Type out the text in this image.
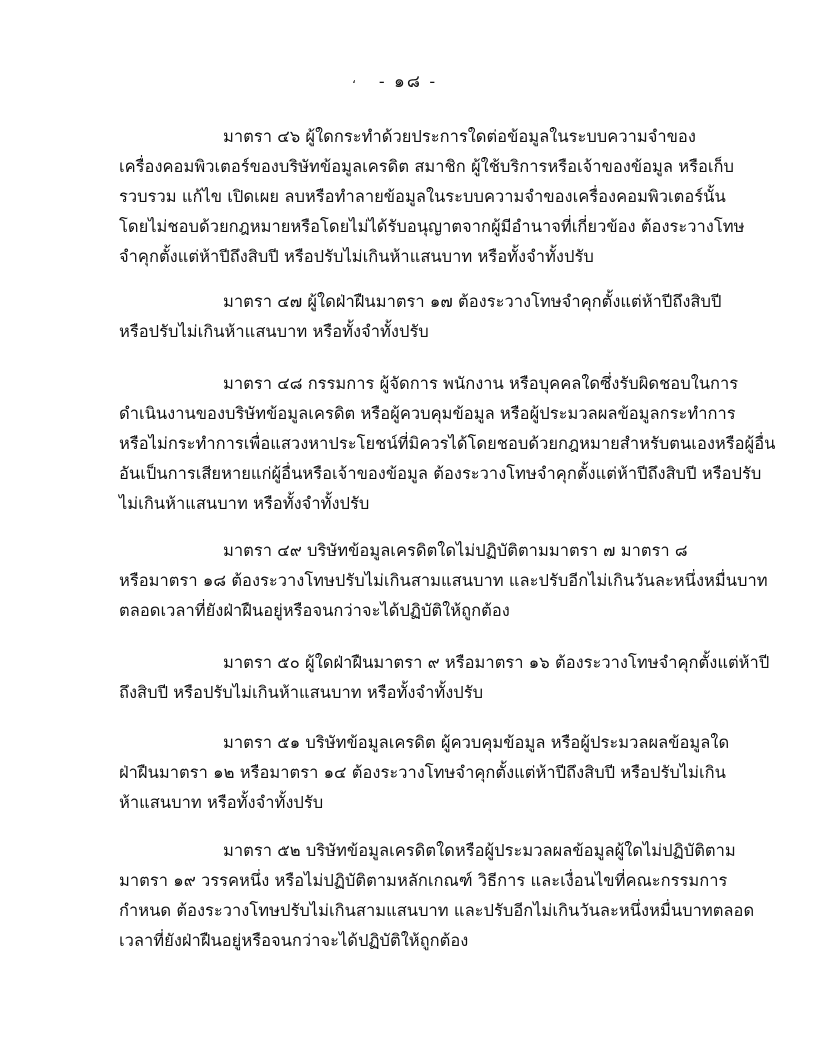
،	- ๑๘ -
มาตรา ๔๖ ผู้ใดกระทำด้วยประการใดต่อข้อมูลในระบบความจำของ
เครื่องคอมพิวเตอร์ของบริษัทข้อมูลเครดิต สมาชิก ผู้ใช้บริการหรือเจ้าของข้อมูล หรือเก็บ
รวบรวม แก้ไข เปิดเผย ลบหรือทำลายข้อมูลในระบบความจำของเครื่องคอมพิวเตอร์นั้น
โดยไม่ชอบด้วยกฎหมายหรือโดยไม่ได้รับอนุญาตจากผู้มีอำนาจที่เกี่ยวข้อง ต้องระวางโทษ
จำคุกตั้งแต่ห้าปีถึงสิบปี หรือปรับไม่เกินห้าแสนบาท หรือทั้งจำทั้งปรับ
มาตรา ๔๗ ผู้ใดฝ่าฝืนมาตรา ๑๗ ต้องระวางโทษจำคุกตั้งแต่ห้าปีถึงสิบปี
หรือปรับไม่เกินห้าแสนบาท หรือทั้งจำทั้งปรับ
มาตรา ๔๘ กรรมการ ผู้จัดการ พนักงาน หรือบุคคลใดซึ่งรับผิดชอบในการ
ดำเนินงานของบริษัทข้อมูลเครดิต หรือผู้ควบคุมข้อมูล หรือผู้ประมวลผลข้อมูลกระทำการ
หรือไม่กระทำการเพื่อแสวงหาประโยชน์ที่มิควรได้โดยชอบด้วยกฎหมายสำหรับตนเองหรือผู้อื่น
อันเป็นการเสียหายแก่ผู้อื่นหรือเจ้าของข้อมูล ต้องระวางโทษจำคุกตั้งแต่ห้าปีถึงสิบปี หรือปรับ
ไม่เกินห้าแสนบาท หรือทั้งจำทั้งปรับ
มาตรา ๔๙ บริษัทข้อมูลเครดิตใดไม่ปฏิบัติตามมาตรา ๗ มาตรา ๘
หรือมาตรา ๑๘ ต้องระวางโทษปรับไม่เกินสามแสนบาท และปรับอีกไม่เกินวันละหนึ่งหมื่นบาท
ตลอดเวลาที่ยังฝ่าฝืนอยู่หรือจนกว่าจะได้ปฏิบัติให้ถูกต้อง
มาตรา ๕๐ ผู้ใดฝ่าฝืนมาตรา ๙ หรือมาตรา ๑๖ ต้องระวางโทษจำคุกตั้งแต่ห้าปี
ถึงสิบปี หรือปรับไม่เกินห้าแสนบาท หรือทั้งจำทั้งปรับ
มาตรา ๕๑ บริษัทข้อมูลเครดิต ผู้ควบคุมข้อมูล หรือผู้ประมวลผลข้อมูลใด
ฝ่าฝืนมาตรา ๑๒ หรือมาตรา ๑๔ ต้องระวางโทษจำคุกตั้งแต่ห้าปีถึงสิบปี หรือปรับไม่เกิน
ห้าแสนบาท หรือทั้งจำทั้งปรับ
มาตรา ๕๒ บริษัทข้อมูลเครดิตใดหรือผู้ประมวลผลข้อมูลผู้ใดไม่ปฏิบัติตาม
มาตรา ๑๙ วรรคหนึ่ง หรือไม่ปฏิบัติตามหลักเกณฑ์ วิธีการ และเงื่อนไขที่คณะกรรมการ
กำหนด ต้องระวางโทษปรับไม่เกินสามแสนบาท และปรับอีกไม่เกินวันละหนึ่งหมื่นบาทตลอด
เวลาที่ยังฝ่าฝืนอยู่หรือจนกว่าจะได้ปฏิบัติให้ถูกต้อง
